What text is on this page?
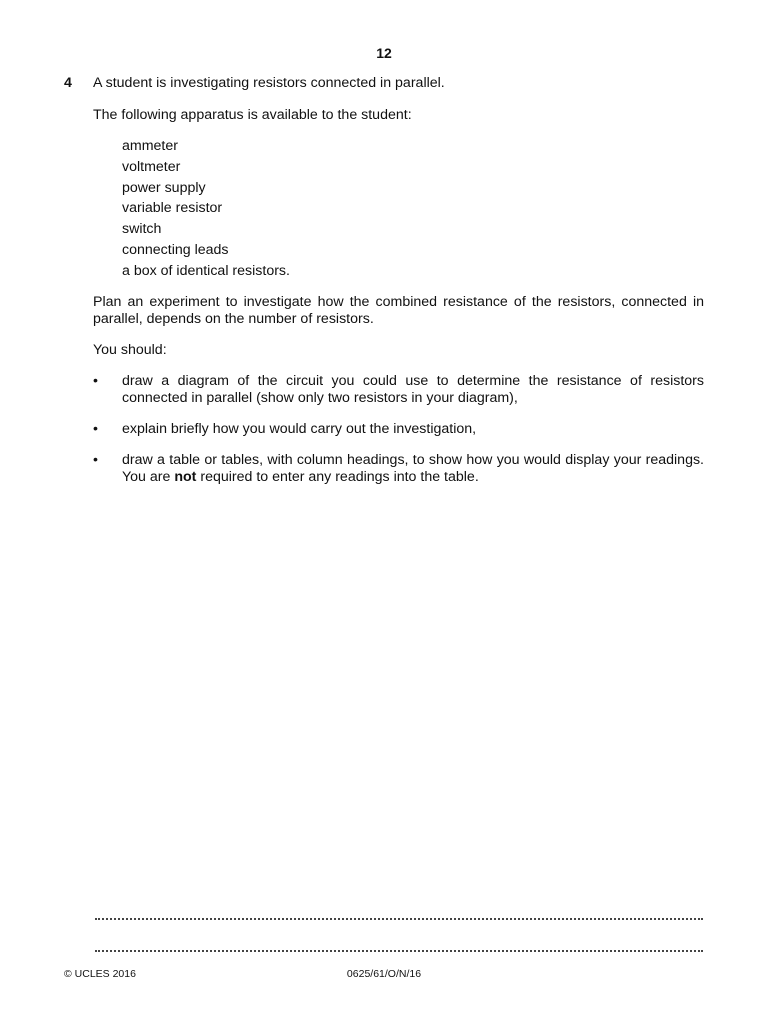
12
4 A student is investigating resistors connected in parallel.
The following apparatus is available to the student:
ammeter
voltmeter
power supply
variable resistor
switch
connecting leads
a box of identical resistors.
Plan an experiment to investigate how the combined resistance of the resistors, connected in parallel, depends on the number of resistors.
You should:
• draw a diagram of the circuit you could use to determine the resistance of resistors connected in parallel (show only two resistors in your diagram),
• explain briefly how you would carry out the investigation,
• draw a table or tables, with column headings, to show how you would display your readings. You are not required to enter any readings into the table.
© UCLES 2016	0625/61/O/N/16
